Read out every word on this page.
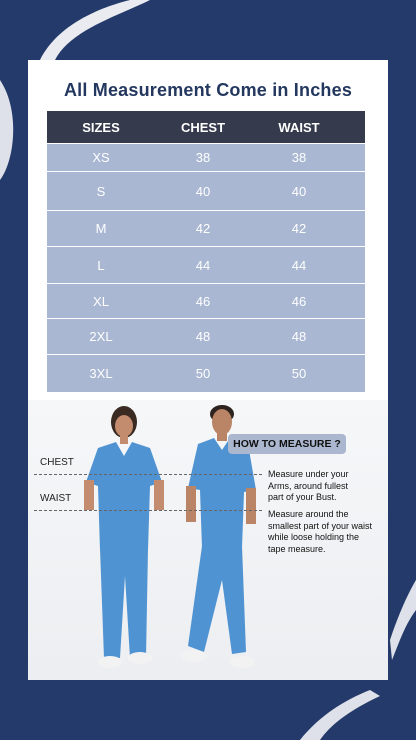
All Measurement Come in Inches
SIZES	CHEST	WAIST
XS	38	38
S	40	40
M	42	42
L	44	44
XL	46	46
2XL	48	48
3XL	50	50
CHEST
WAIST
HOW TO MEASURE ?
Measure under your
Arms, around fullest
part of your Bust.
Measure around the
smallest part of your waist
while loose holding the
tape measure.
